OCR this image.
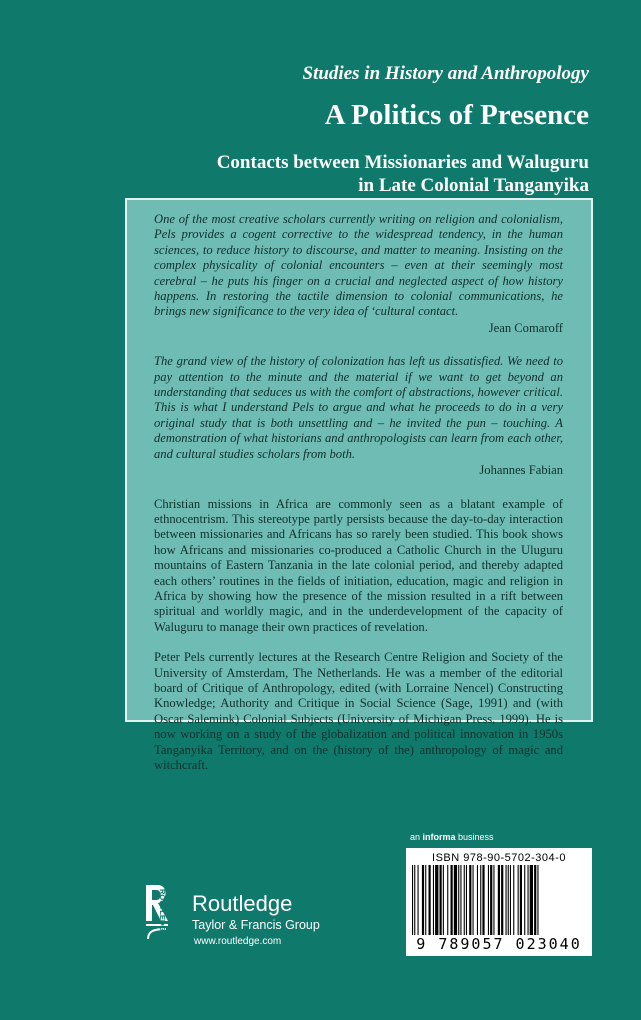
Studies in History and Anthropology
A Politics of Presence
Contacts between Missionaries and Waluguru
in Late Colonial Tanganyika

One of the most creative scholars currently writing on religion and colonialism, Pels provides a cogent corrective to the widespread tendency, in the human sciences, to reduce history to discourse, and matter to meaning. Insisting on the complex physicality of colonial encounters – even at their seemingly most cerebral – he puts his finger on a crucial and neglected aspect of how history happens. In restoring the tactile dimension to colonial communications, he brings new significance to the very idea of ‘cultural contact.

Jean Comaroff

The grand view of the history of colonization has left us dissatisfied. We need to pay attention to the minute and the material if we want to get beyond an understanding that seduces us with the comfort of abstractions, however critical. This is what I understand Pels to argue and what he proceeds to do in a very original study that is both unsettling and – he invited the pun – touching. A demonstration of what historians and anthropologists can learn from each other, and cultural studies scholars from both.

Johannes Fabian

Christian missions in Africa are commonly seen as a blatant example of ethnocentrism. This stereotype partly persists because the day-to-day interaction between missionaries and Africans has so rarely been studied. This book shows how Africans and missionaries co-produced a Catholic Church in the Uluguru mountains of Eastern Tanzania in the late colonial period, and thereby adapted each others’ routines in the fields of initiation, education, magic and religion in Africa by showing how the presence of the mission resulted in a rift between spiritual and worldly magic, and in the underdevelopment of the capacity of Waluguru to manage their own practices of revelation.

Peter Pels currently lectures at the Research Centre Religion and Society of the University of Amsterdam, The Netherlands. He was a member of the editorial board of Critique of Anthropology, edited (with Lorraine Nencel) Constructing Knowledge; Authority and Critique in Social Science (Sage, 1991) and (with Oscar Salemink) Colonial Subjects (University of Michigan Press, 1999). He is now working on a study of the globalization and political innovation in 1950s Tanganyika Territory, and on the (history of the) anthropology of magic and witchcraft.

an informa business
ISBN 978-90-5702-304-0
9 789057 023040
ROUTLEDGE Routledge
Taylor & Francis Group
www.routledge.com
